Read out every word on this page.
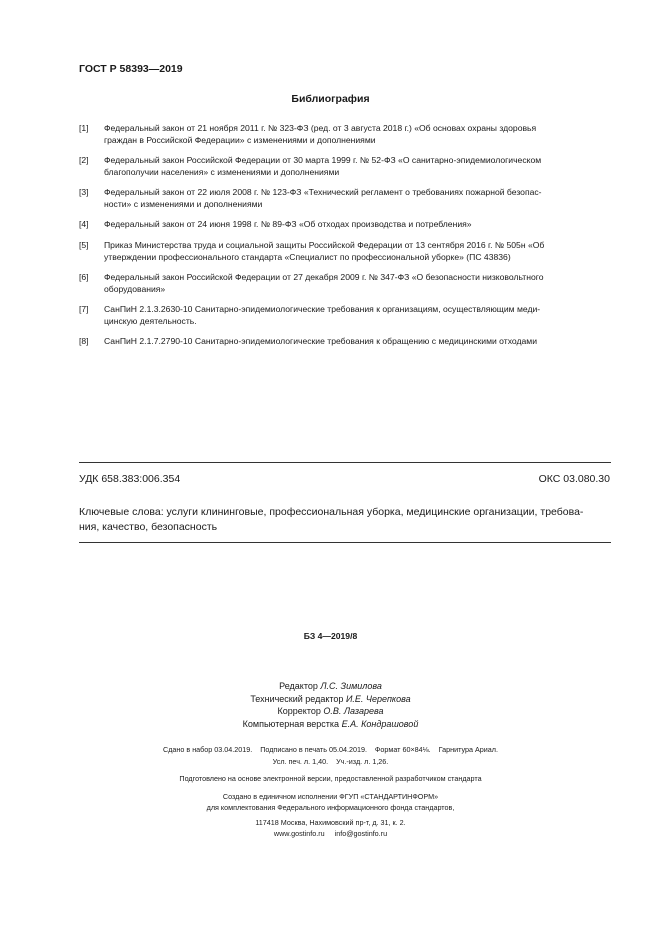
ГОСТ Р 58393—2019
Библиография
[1] Федеральный закон от 21 ноября 2011 г. № 323-ФЗ (ред. от 3 августа 2018 г.) «Об основах охраны здоровья
граждан в Российской Федерации» с изменениями и дополнениями
[2] Федеральный закон Российской Федерации от 30 марта 1999 г. № 52-ФЗ «О санитарно-эпидемиологическом
благополучии населения» с изменениями и дополнениями
[3] Федеральный закон от 22 июля 2008 г. № 123-ФЗ «Технический регламент о требованиях пожарной безопас-
ности» с изменениями и дополнениями
[4] Федеральный закон от 24 июня 1998 г. № 89-ФЗ «Об отходах производства и потребления»
[5] Приказ Министерства труда и социальной защиты Российской Федерации от 13 сентября 2016 г. № 505н «Об
утверждении профессионального стандарта «Специалист по профессиональной уборке» (ПС 43836)
[6] Федеральный закон Российской Федерации от 27 декабря 2009 г. № 347-ФЗ «О безопасности низковольтного
оборудования»
[7] СанПиН 2.1.3.2630-10 Санитарно-эпидемиологические требования к организациям, осуществляющим меди-
цинскую деятельность.
[8] СанПиН 2.1.7.2790-10 Санитарно-эпидемиологические требования к обращению с медицинскими отходами
УДК 658.383:006.354	ОКС 03.080.30
Ключевые слова: услуги клининговые, профессиональная уборка, медицинские организации, требова-
ния, качество, безопасность
БЗ 4—2019/8
Редактор Л.С. Зимилова
Технический редактор И.Е. Черепкова
Корректор О.В. Лазарева
Компьютерная верстка Е.А. Кондрашовой
Сдано в набор 03.04.2019.    Подписано в печать 05.04.2019.    Формат 60×84⅛.    Гарнитура Ариал.
Усл. печ. л. 1,40.    Уч.-изд. л. 1,26.
Подготовлено на основе электронной версии, предоставленной разработчиком стандарта
Создано в единичном исполнении ФГУП «СТАНДАРТИНФОРМ»
для комплектования Федерального информационного фонда стандартов,
117418 Москва, Нахимовский пр-т, д. 31, к. 2.
www.gostinfo.ru     info@gostinfo.ru
